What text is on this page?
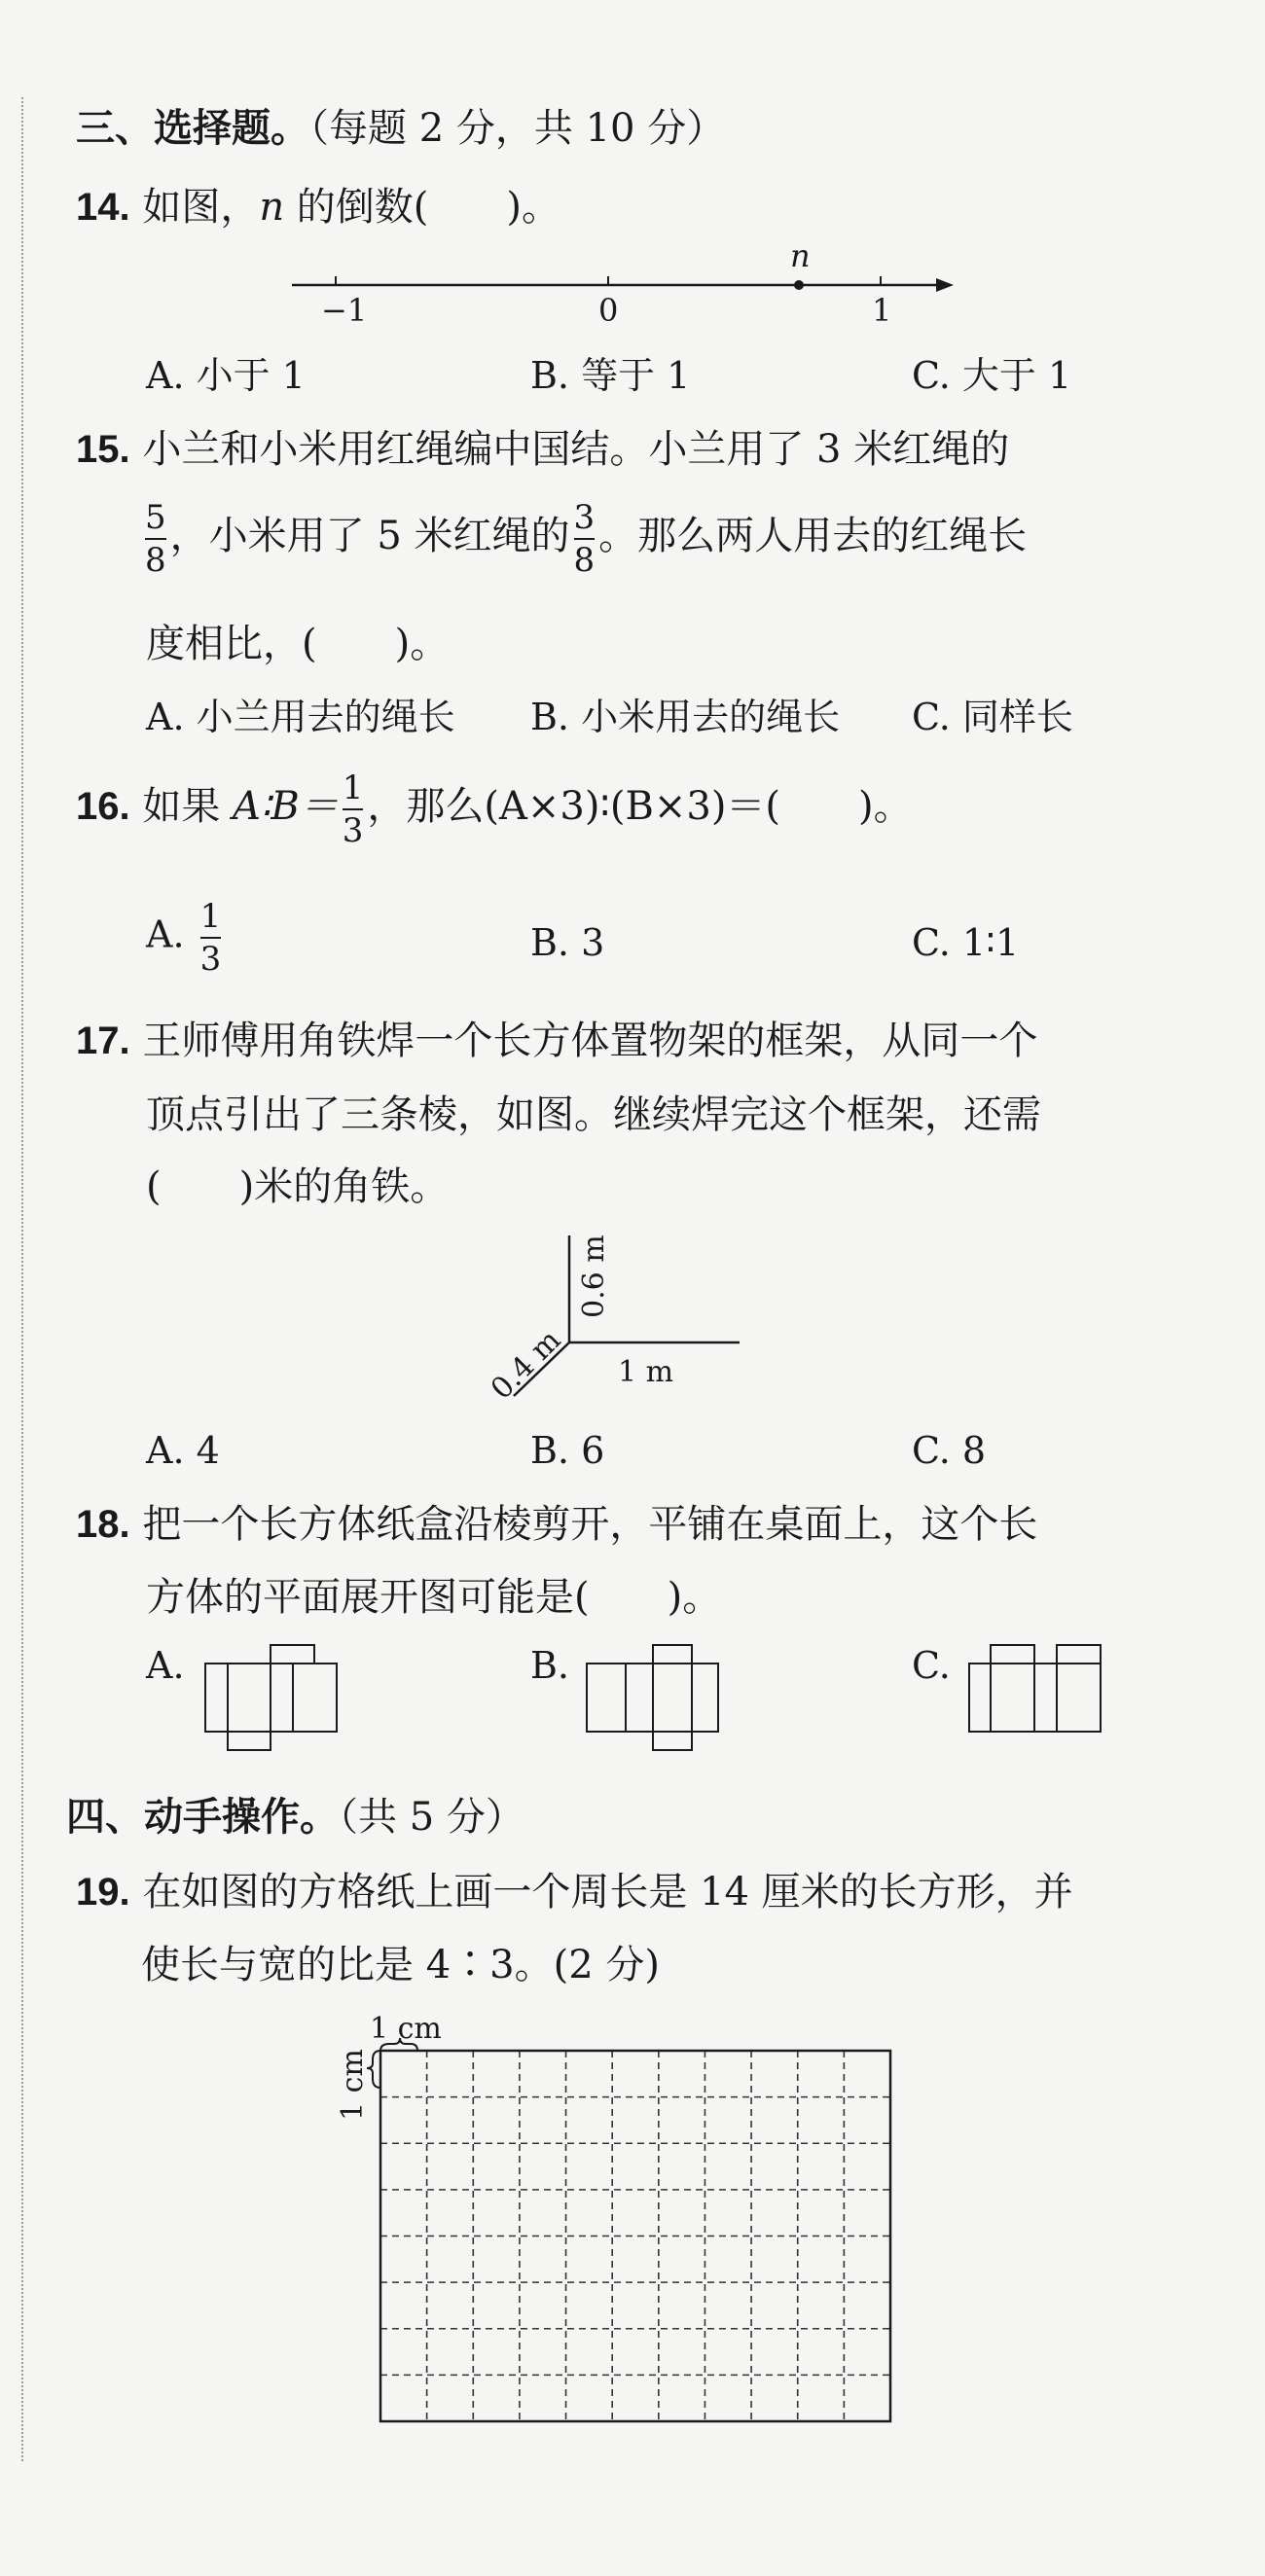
三、选择题。（每题 2 分，共 10 分）
14. 如图，n 的倒数(　　)。
−1	0	1
n
A. 小于 1	B. 等于 1	C. 大于 1
15. 小兰和小米用红绳编中国结。小兰用了 3 米红绳的
$\frac{5}{8}$ ，小米用了 5 米红绳的 $\frac{3}{8}$ 。那么两人用去的红绳长
度相比，(　　)。
A. 小兰用去的绳长 B. 小米用去的绳长 C. 同样长
16. 如果 A∶B＝ $\frac{1}{3}$ ，那么(A×3)∶(B×3)＝(　　)。
A. $\frac{1}{3}$	B. 3	C. 1∶1
17. 王师傅用角铁焊一个长方体置物架的框架，从同一个
顶点引出了三条棱，如图。继续焊完这个框架，还需
(　　)米的角铁。
0.6 m
1 m
0.4 m
A. 4	B. 6	C. 8
18. 把一个长方体纸盒沿棱剪开，平铺在桌面上，这个长
方体的平面展开图可能是(　　)。
A.	B.	C.
四、动手操作。（共 5 分）
19. 在如图的方格纸上画一个周长是 14 厘米的长方形，并
使长与宽的比是 4∶3。(2 分)
1 cm
1 cm
